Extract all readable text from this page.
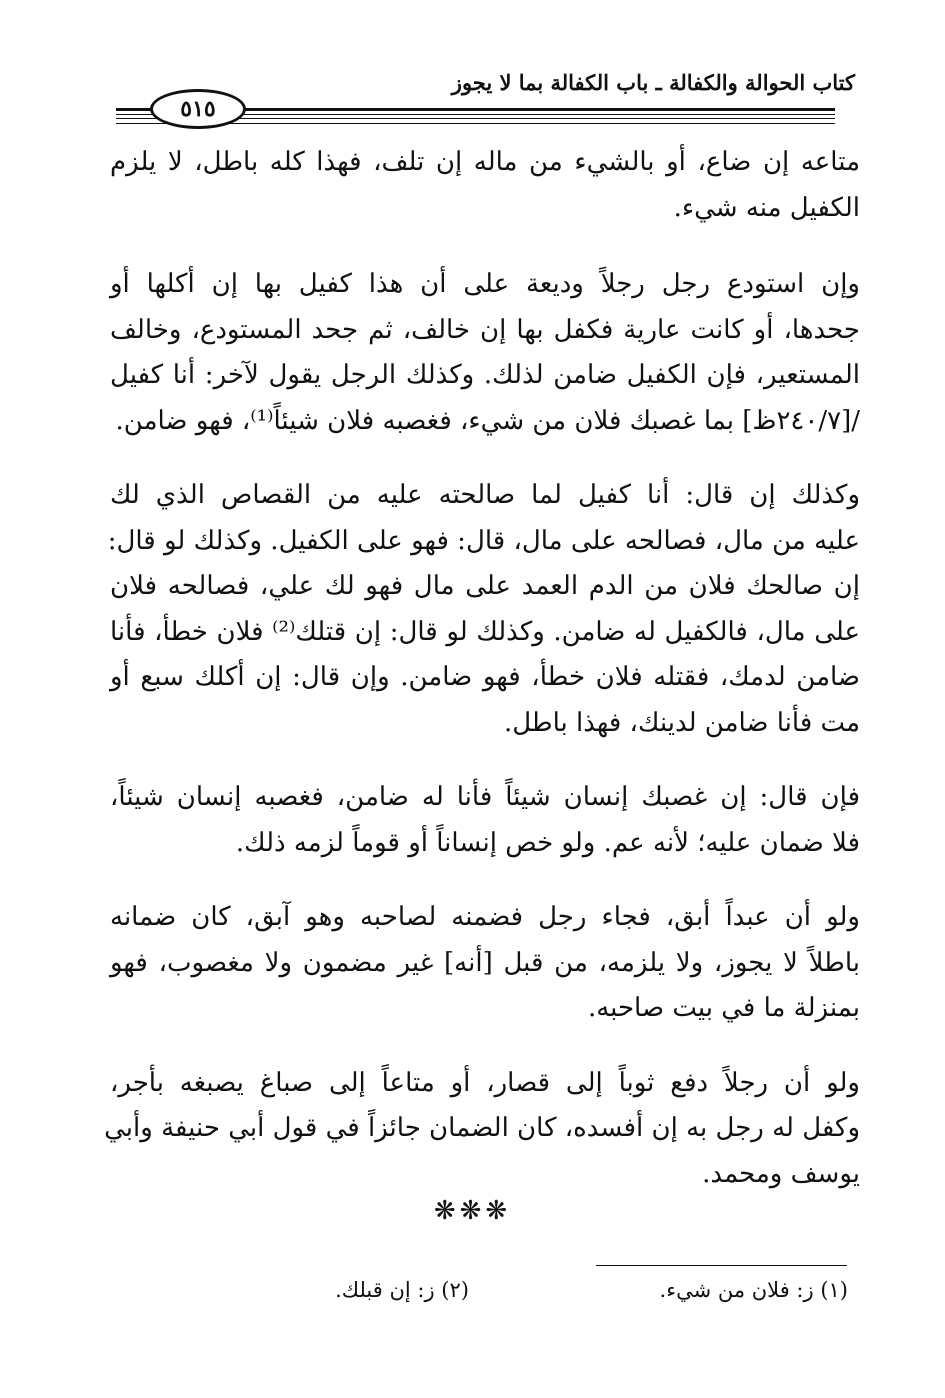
كتاب الحوالة والكفالة ـ باب الكفالة بما لا يجوز
٥١٥
متاعه إن ضاع، أو بالشيء من ماله إن تلف، فهذا كله باطل، لا يلزم
الكفيل منه شيء.
وإن استودع رجل رجلاً وديعة على أن هذا كفيل بها إن أكلها أو
جحدها، أو كانت عارية فكفل بها إن خالف، ثم جحد المستودع، وخالف
المستعير، فإن الكفيل ضامن لذلك. وكذلك الرجل يقول لآخر: أنا كفيل
/[٢٤٠/٧ظ] بما غصبك فلان من شيء، فغصبه فلان شيئاً⁽¹⁾، فهو ضامن.
وكذلك إن قال: أنا كفيل لما صالحته عليه من القصاص الذي لك
عليه من مال، فصالحه على مال، قال: فهو على الكفيل. وكذلك لو قال:
إن صالحك فلان من الدم العمد على مال فهو لك علي، فصالحه فلان
على مال، فالكفيل له ضامن. وكذلك لو قال: إن قتلك⁽²⁾ فلان خطأ، فأنا
ضامن لدمك، فقتله فلان خطأ، فهو ضامن. وإن قال: إن أكلك سبع أو
مت فأنا ضامن لدينك، فهذا باطل.
فإن قال: إن غصبك إنسان شيئاً فأنا له ضامن، فغصبه إنسان شيئاً،
فلا ضمان عليه؛ لأنه عم. ولو خص إنساناً أو قوماً لزمه ذلك.
ولو أن عبداً أبق، فجاء رجل فضمنه لصاحبه وهو آبق، كان ضمانه
باطلاً لا يجوز، ولا يلزمه، من قبل [أنه] غير مضمون ولا مغصوب، فهو
بمنزلة ما في بيت صاحبه.
ولو أن رجلاً دفع ثوباً إلى قصار، أو متاعاً إلى صباغ يصبغه بأجر،
وكفل له رجل به إن أفسده، كان الضمان جائزاً في قول أبي حنيفة وأبي
يوسف ومحمد.
❋❋❋
(١) ز: فلان من شيء.
(٢) ز: إن قبلك.
